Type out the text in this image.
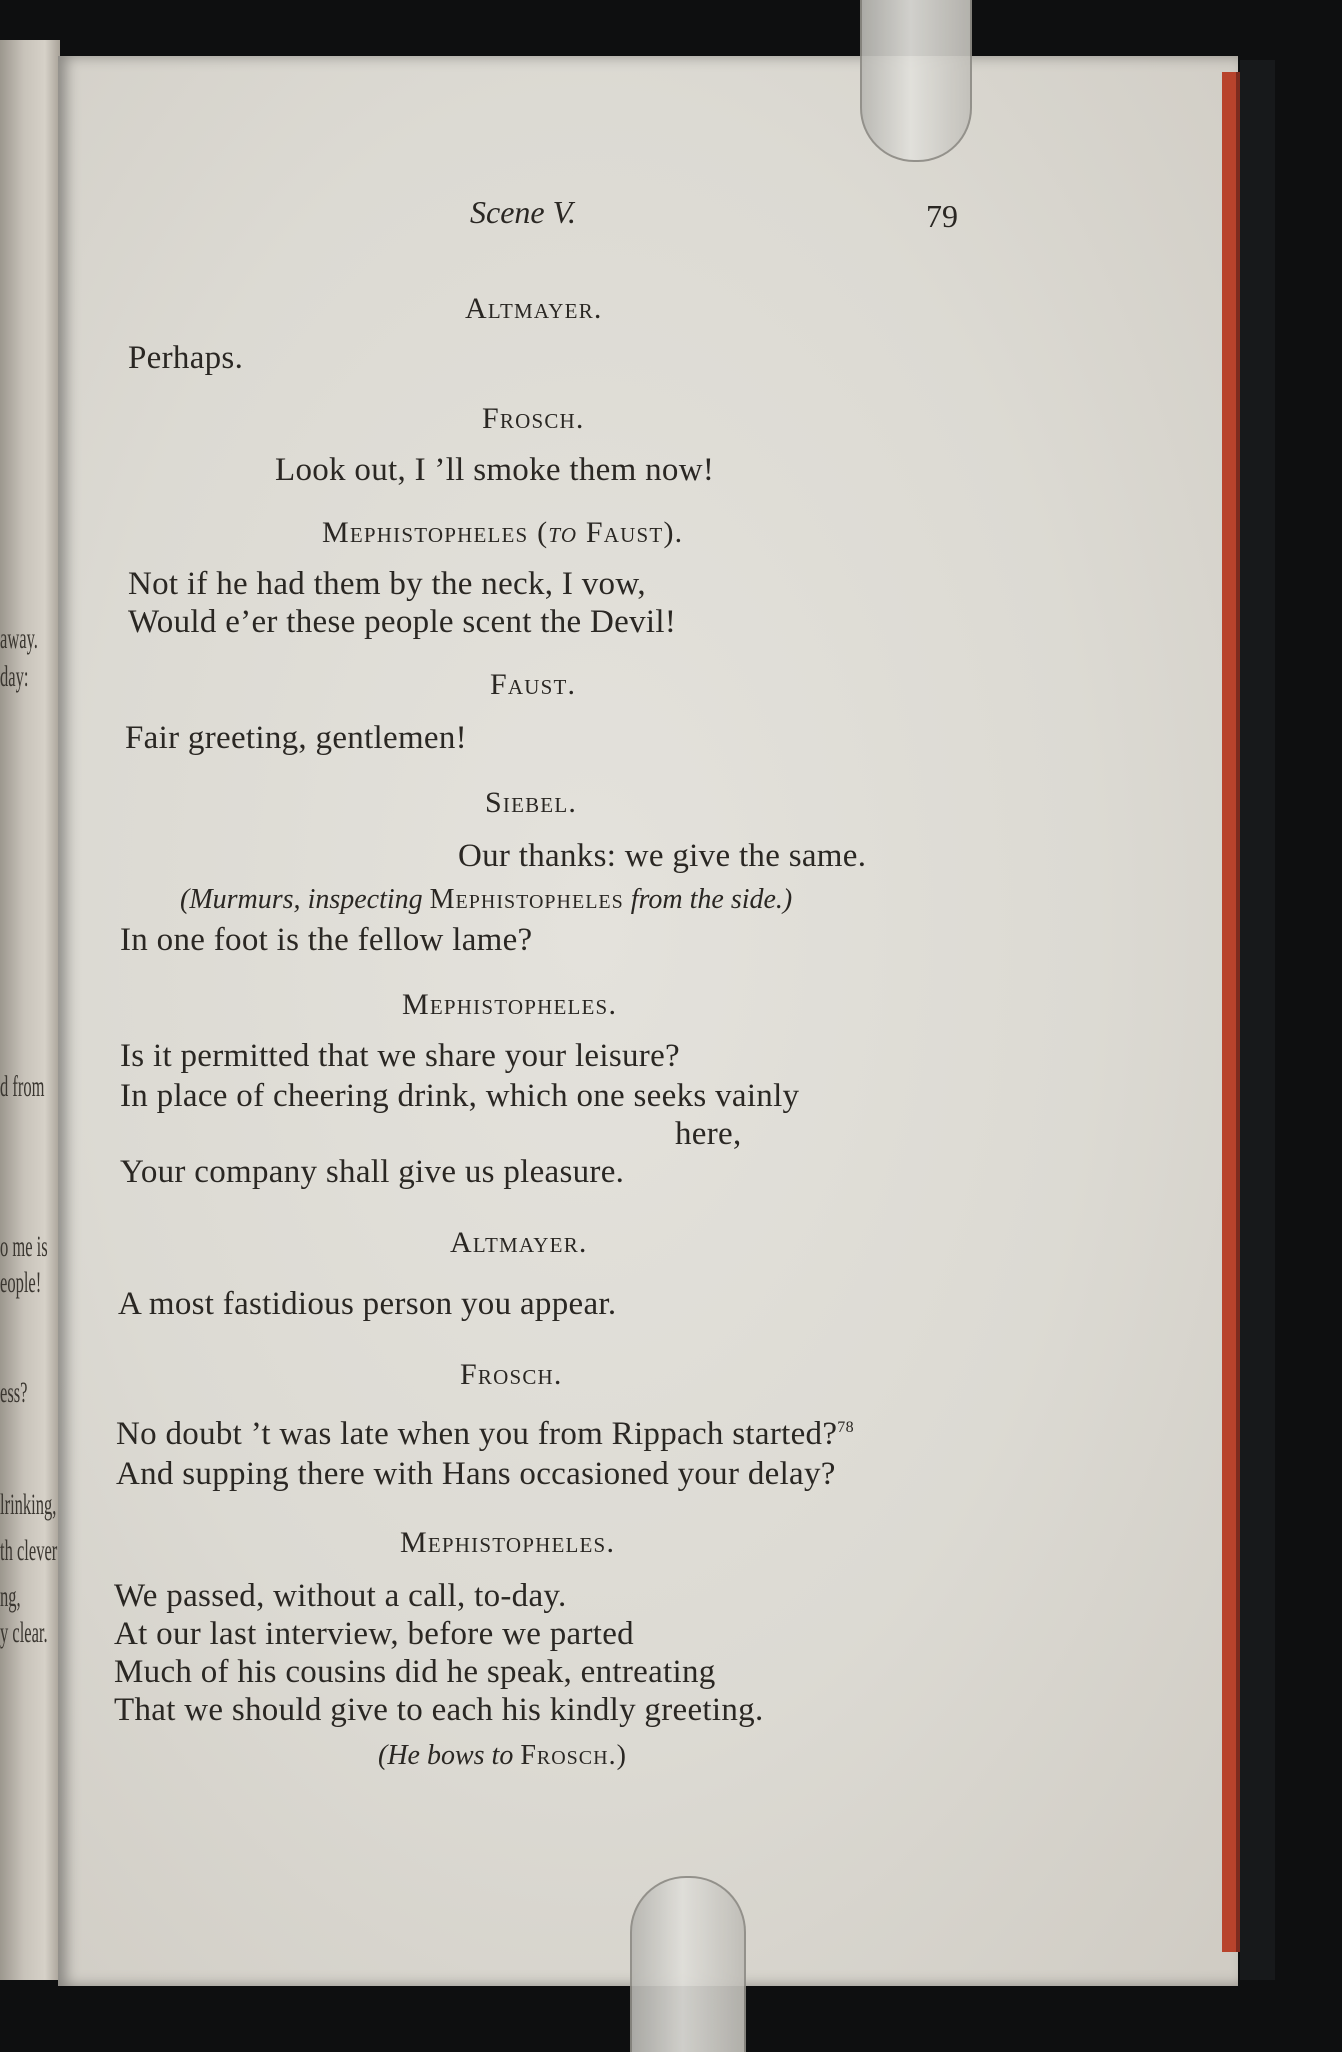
away.
day:
d from
o me is
eople!
ess?
lrinking,
th clever
ng,
y clear.
Scene V.	79
Altmayer.
Perhaps.
Frosch.
Look out, I ’ll smoke them now!
Mephistopheles (to Faust).
Not if he had them by the neck, I vow,
Would e’er these people scent the Devil!
Faust.
Fair greeting, gentlemen!
Siebel.
Our thanks: we give the same.
(Murmurs, inspecting Mephistopheles from the side.)
In one foot is the fellow lame?
Mephistopheles.
Is it permitted that we share your leisure?
In place of cheering drink, which one seeks vainly
here,
Your company shall give us pleasure.
Altmayer.
A most fastidious person you appear.
Frosch.
No doubt ’t was late when you from Rippach started?$^{78}$
And supping there with Hans occasioned your delay?
Mephistopheles.
We passed, without a call, to-day.
At our last interview, before we parted
Much of his cousins did he speak, entreating
That we should give to each his kindly greeting.
(He bows to Frosch.)
